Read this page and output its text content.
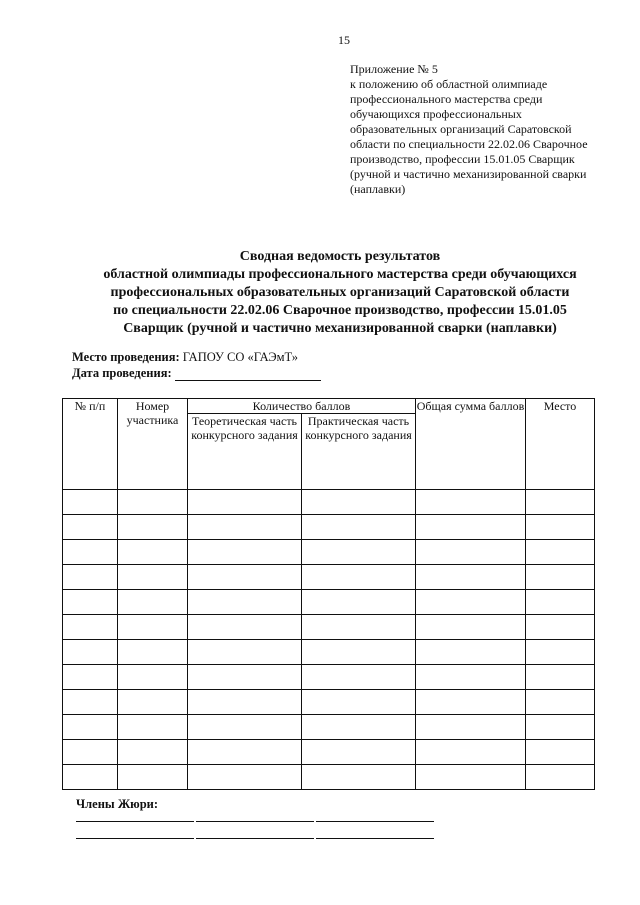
15
Приложение № 5
к положению об областной олимпиаде
профессионального мастерства среди
обучающихся профессиональных
образовательных организаций Саратовской
области по специальности 22.02.06 Сварочное
производство, профессии 15.01.05 Сварщик
(ручной и частично механизированной сварки
(наплавки)
Сводная ведомость результатов
областной олимпиады профессионального мастерства среди обучающихся
профессиональных образовательных организаций Саратовской области
по специальности 22.02.06 Сварочное производство, профессии 15.01.05
Сварщик (ручной и частично механизированной сварки (наплавки)
Место проведения: ГАПОУ СО «ГАЭмТ»
Дата проведения:
№ п/п	Номер участника	Количество баллов		Общая сумма баллов	Место
		Теоретическая часть конкурсного задания	Практическая часть конкурсного задания		

Члены Жюри:
